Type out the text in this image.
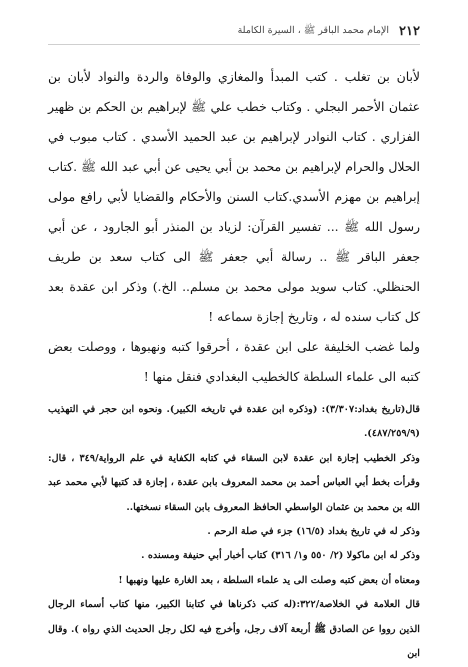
٢١٢
الإمام محمد الباقر ﷺ ، السيرة الكاملة

لأبان بن تغلب . كتب المبدأ والمغازي والوفاة والردة والنواد لأبان بن عثمان الأحمر البجلي . وكتاب خطب علي ﷺ لإبراهيم بن الحكم بن ظهير الفزاري . كتاب النوادر لإبراهيم بن عبد الحميد الأسدي . كتاب مبوب في الحلال والحرام لإبراهيم بن محمد بن أبي يحيى عن أبي عبد الله ﷺ .كتاب إبراهيم بن مهزم الأسدي.كتاب السنن والأحكام والقضايا لأبي رافع مولى رسول الله ﷺ ... تفسير القرآن: لزياد بن المنذر أبو الجارود ، عن أبي جعفر الباقر ﷺ .. رسالة أبي جعفر ﷺ الى كتاب سعد بن طريف الحنظلي. كتاب سويد مولى محمد بن مسلم.. الخ.) وذكر ابن عقدة بعد كل كتاب سنده له ، وتاريخ إجازة سماعه !

ولما غضب الخليفة على ابن عقدة ، أحرقوا كتبه ونهبوها ، ووصلت بعض كتبه الى علماء السلطة كالخطيب البغدادي فنقل منها !

قال(تاريخ بغداد:٣/٣٠٧): (وذكره ابن عقدة في تاريخه الكبير). ونحوه ابن حجر في التهذيب (٤٨٧/٢٥٩/٩).

وذكر الخطيب إجازة ابن عقدة لابن السقاء في كتابه الكفاية في علم الرواية/٣٤٩ ، قال: وقرأت بخط أبي العباس أحمد بن محمد المعروف بابن عقدة ، إجازة قد كتبها لأبي محمد عبد الله بن محمد بن عثمان الواسطي الحافظ المعروف بابن السقاء نسختها..

وذكر له في تاريخ بغداد (١٦/٥) جزء في صلة الرحم .

وذكر له ابن ماكولا (٢/ ٥٥٠ و١/ ٣١٦) كتاب أخبار أبي حنيفة ومسنده .

ومعناه أن بعض كتبه وصلت الى يد علماء السلطة ، بعد الغارة عليها ونهبها !

قال العلامة في الخلاصة/٣٢٢:(له كتب ذكرناها في كتابنا الكبير، منها كتاب أسماء الرجال الذين رووا عن الصادق ﷺ أربعة آلاف رجل، وأخرج فيه لكل رجل الحديث الذي رواه ). وقال ابن
